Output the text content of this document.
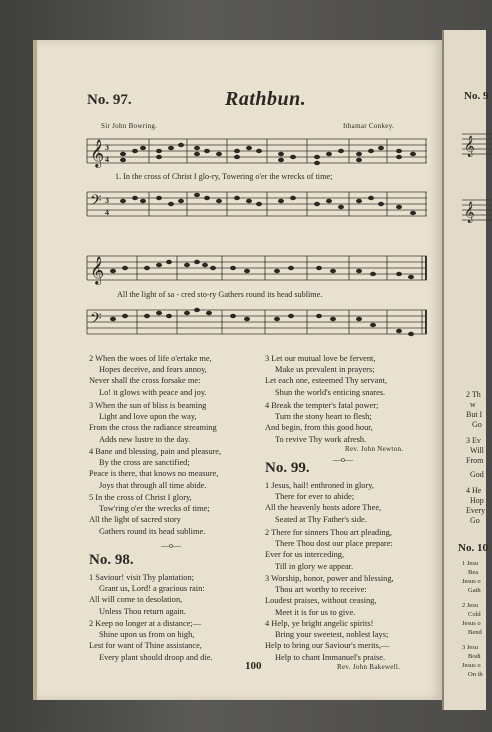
No. 97.	Rathbun.
Sir John Bowring.	Ithamar Conkey.
𝄞 3
4
1. In the cross of Christ I glo-ry, Towering o'er the wrecks of time;
𝄢 3
4
𝄞
All the light of sa - cred sto-ry Gathers round its head sublime.
𝄢
2 When the woes of life o'ertake me,
Hopes deceive, and fears annoy,
Never shall the cross forsake me:
Lo! it glows with peace and joy.
3 When the sun of bliss is beaming
Light and love upon the way,
From the cross the radiance streaming
Adds new lustre to the day.
4 Bane and blessing, pain and pleasure,
By the cross are sanctified;
Peace is there, that knows no measure,
Joys that through all time abide.
5 In the cross of Christ I glory,
Tow'ring o'er the wrecks of time;
All the light of sacred story
Gathers round its head sublime.
—o—
No. 98.
1 Saviour! visit Thy plantation;
Grant us, Lord! a gracious rain:
All will come to desolation,
Unless Thou return again.
2 Keep no longer at a distance;—
Shine upon us from on high,
Lest for want of Thine assistance,
Every plant should droop and die.
3 Let our mutual love be fervent,
Make us prevalent in prayers;
Let each one, esteemed Thy servant,
Shun the world's enticing snares.
4 Break the tempter's fatal power;
Turn the stony heart to flesh;
And begin, from this good hour,
To revive Thy work afresh.
Rev. John Newton.
—o—
No. 99.
1 Jesus, hail! enthroned in glory,
There for ever to abide;
All the heavenly hosts adore Thee,
Seated at Thy Father's side.
2 There for sinners Thou art pleading,
There Thou dost our place prepare:
Ever for us interceding,
Till in glory we appear.
3 Worship, honor, power and blessing,
Thou art worthy to receive:
Loudest praises, without ceasing,
Meet it is for us to give.
4 Help, ye bright angelic spirits!
Bring your sweetest, noblest lays;
Help to bring our Saviour's merits,—
Help to chant Immanuel's praise.
100	Rev. John Bakewell.
No. 9
𝄞
𝄞
2 Th
w
But I
Go
3 Ev
Will
From
God
4 He
Hop
Every
Go
No. 10
1 Jesu
Bea
Jesus o
Gath
2 Jesu
Cold
Jesus o
Bend
3 Jesu
Bodi
Jesus o
On th
